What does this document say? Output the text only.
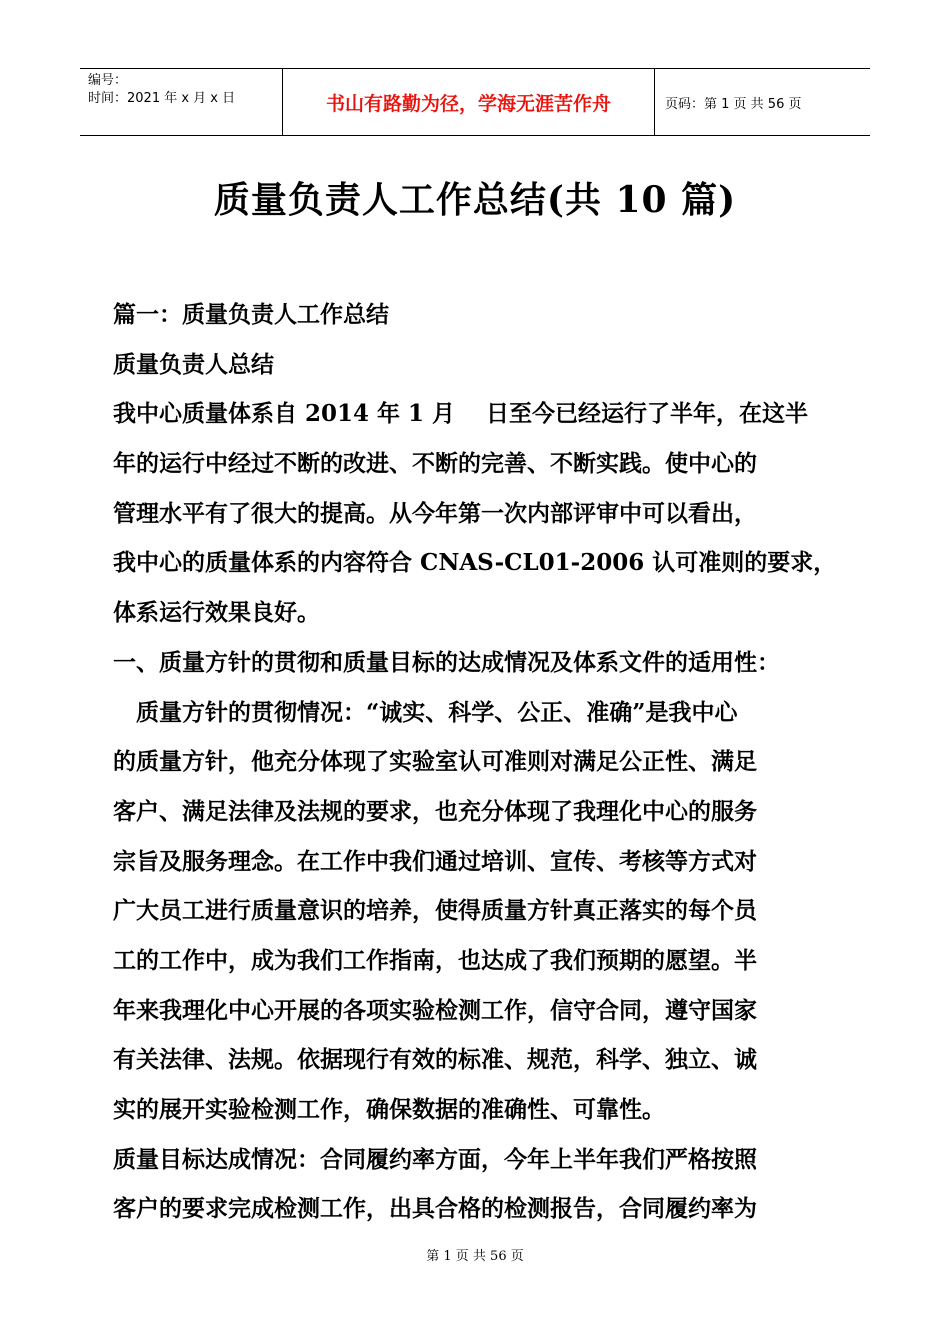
编号：
时间：2021 年 x 月 x 日	书山有路勤为径，学海无涯苦作舟	页码：第 1 页 共 56 页
质量负责人工作总结(共 10 篇)
篇一：质量负责人工作总结
质量负责人总结
我中心质量体系自 2014 年 1 月　 日至今已经运行了半年，在这半
年的运行中经过不断的改进、不断的完善、不断实践。使中心的
管理水平有了很大的提高。从今年第一次内部评审中可以看出，
我中心的质量体系的内容符合 CNAS-CL01-2006 认可准则的要求，
体系运行效果良好。
一、质量方针的贯彻和质量目标的达成情况及体系文件的适用性：
　质量方针的贯彻情况：“诚实、科学、公正、准确”是我中心
的质量方针，他充分体现了实验室认可准则对满足公正性、满足
客户、满足法律及法规的要求，也充分体现了我理化中心的服务
宗旨及服务理念。在工作中我们通过培训、宣传、考核等方式对
广大员工进行质量意识的培养，使得质量方针真正落实的每个员
工的工作中，成为我们工作指南，也达成了我们预期的愿望。半
年来我理化中心开展的各项实验检测工作，信守合同，遵守国家
有关法律、法规。依据现行有效的标准、规范，科学、独立、诚
实的展开实验检测工作，确保数据的准确性、可靠性。
质量目标达成情况：合同履约率方面，今年上半年我们严格按照
客户的要求完成检测工作，出具合格的检测报告，合同履约率为
第 1 页 共 56 页
